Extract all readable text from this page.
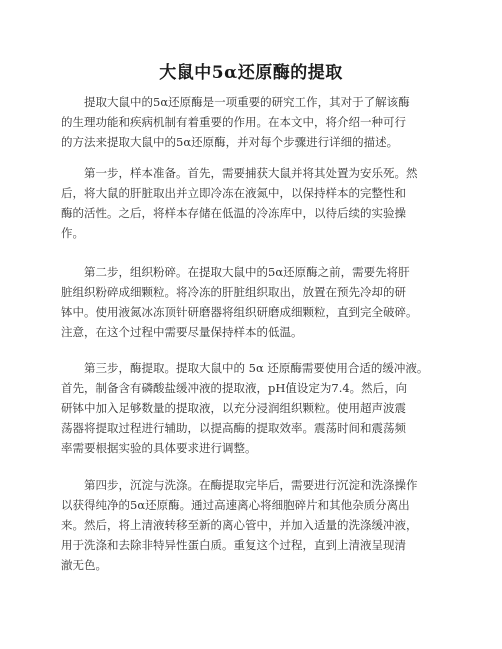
大鼠中5α还原酶的提取
　　提取大鼠中的5α还原酶是一项重要的研究工作，其对于了解该酶
的生理功能和疾病机制有着重要的作用。在本文中，将介绍一种可行
的方法来提取大鼠中的5α还原酶，并对每个步骤进行详细的描述。
　　第一步，样本准备。首先，需要捕获大鼠并将其处置为安乐死。然
后，将大鼠的肝脏取出并立即冷冻在液氮中，以保持样本的完整性和
酶的活性。之后，将样本存储在低温的冷冻库中，以待后续的实验操
作。
　　第二步，组织粉碎。在提取大鼠中的5α还原酶之前，需要先将肝
脏组织粉碎成细颗粒。将冷冻的肝脏组织取出，放置在预先冷却的研
钵中。使用液氮冰冻顶针研磨器将组织研磨成细颗粒，直到完全破碎。
注意，在这个过程中需要尽量保持样本的低温。
　　第三步，酶提取。提取大鼠中的 5α 还原酶需要使用合适的缓冲液。
首先，制备含有磷酸盐缓冲液的提取液，pH值设定为7.4。然后，向
研钵中加入足够数量的提取液，以充分浸润组织颗粒。使用超声波震
荡器将提取过程进行辅助，以提高酶的提取效率。震荡时间和震荡频
率需要根据实验的具体要求进行调整。
　　第四步，沉淀与洗涤。在酶提取完毕后，需要进行沉淀和洗涤操作
以获得纯净的5α还原酶。通过高速离心将细胞碎片和其他杂质分离出
来。然后，将上清液转移至新的离心管中，并加入适量的洗涤缓冲液，
用于洗涤和去除非特异性蛋白质。重复这个过程，直到上清液呈现清
澈无色。
